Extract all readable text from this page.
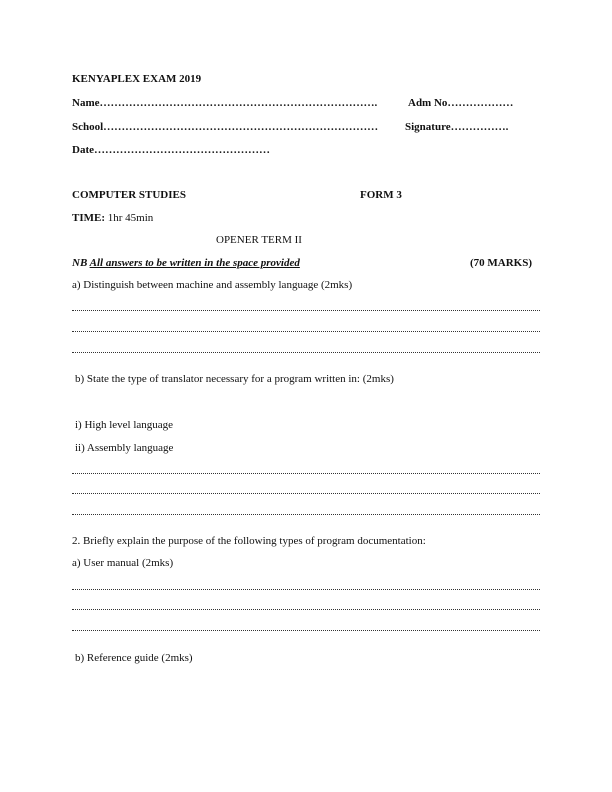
KENYAPLEX EXAM 2019
Name………………………………………………………………….	Adm No………………
School…………………………………………………………………	Signature…………….
Date…………………………………………
COMPUTER STUDIES	FORM 3
TIME: 1hr 45min
OPENER TERM II
NB All answers to be written in the space provided	(70 MARKS)
a) Distinguish between machine and assembly language (2mks)
b) State the type of translator necessary for a program written in: (2mks)
i) High level language
ii) Assembly language
2. Briefly explain the purpose of the following types of program documentation:
a) User manual (2mks)
b) Reference guide (2mks)
